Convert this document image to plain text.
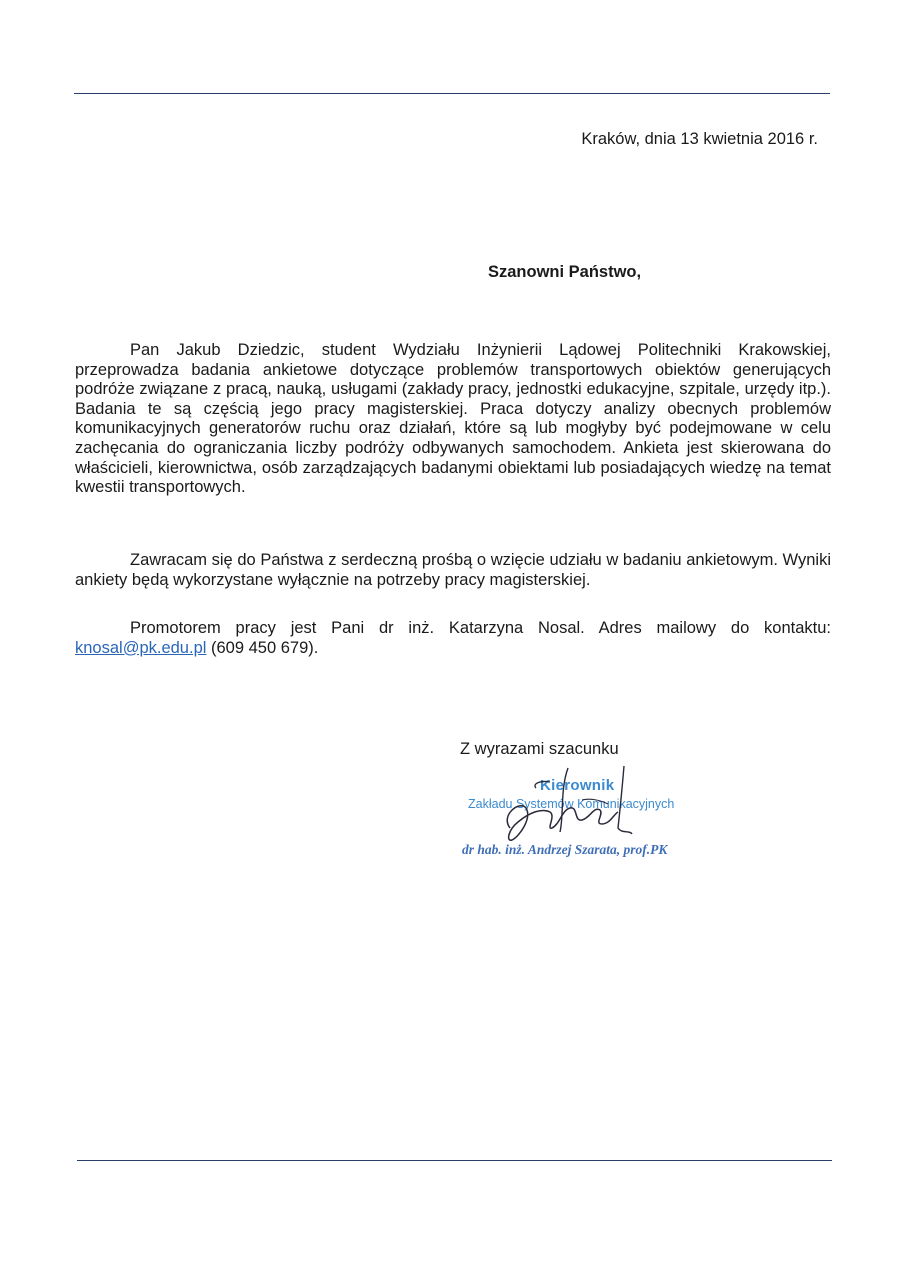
Kraków, dnia 13 kwietnia 2016 r.
Szanowni Państwo,

Pan Jakub Dziedzic, student Wydziału Inżynierii Lądowej Politechniki Krakowskiej, przeprowadza badania ankietowe dotyczące problemów transportowych obiektów generujących podróże związane z pracą, nauką, usługami (zakłady pracy, jednostki edukacyjne, szpitale, urzędy itp.). Badania te są częścią jego pracy magisterskiej. Praca dotyczy analizy obecnych problemów komunikacyjnych generatorów ruchu oraz działań, które są lub mogłyby być podejmowane w celu zachęcania do ograniczania liczby podróży odbywanych samochodem. Ankieta jest skierowana do właścicieli, kierownictwa, osób zarządzających badanymi obiektami lub posiadających wiedzę na temat kwestii transportowych.

Zawracam się do Państwa z serdeczną prośbą o wzięcie udziału w badaniu ankietowym. Wyniki ankiety będą wykorzystane wyłącznie na potrzeby pracy magisterskiej.

Promotorem pracy jest Pani dr inż. Katarzyna Nosal. Adres mailowy do kontaktu: knosal@pk.edu.pl (609 450 679).

Z wyrazami szacunku
Kierownik
Zakładu Systemów Komunikacyjnych
dr hab. inż. Andrzej Szarata, prof.PK
